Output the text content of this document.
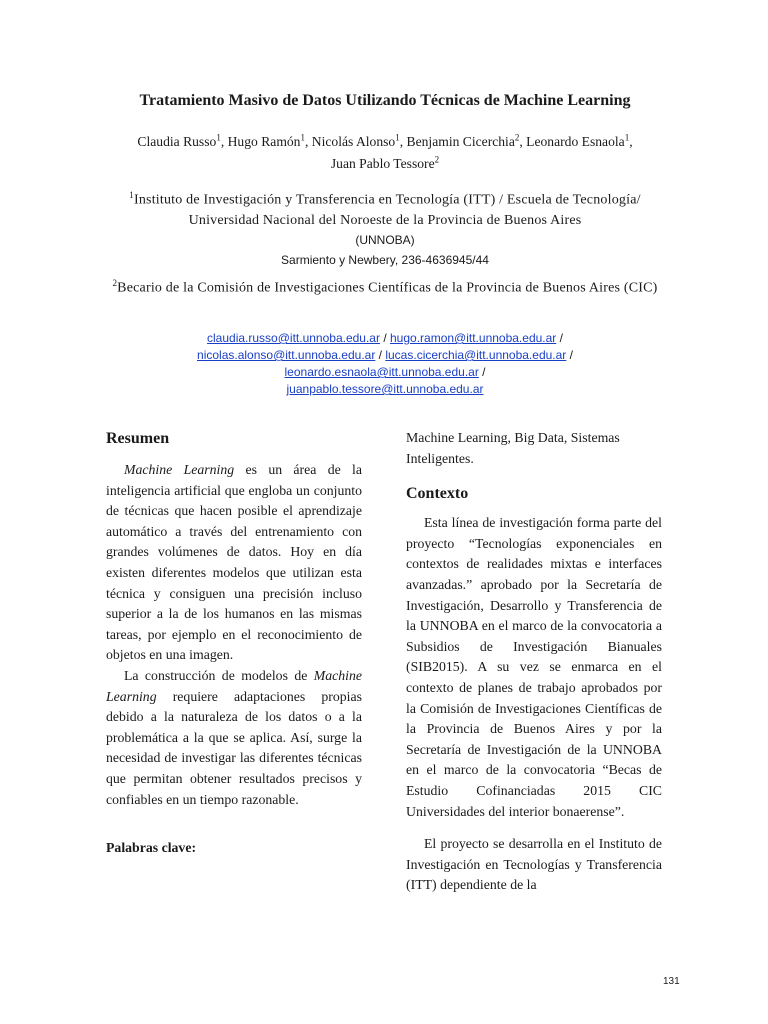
Tratamiento Masivo de Datos Utilizando Técnicas de Machine Learning
Claudia Russo$^1$, Hugo Ramón$^1$, Nicolás Alonso$^1$, Benjamin Cicerchia$^2$, Leonardo Esnaola$^1$,
Juan Pablo Tessore$^2$
$^1$Instituto de Investigación y Transferencia en Tecnología (ITT) / Escuela de Tecnología/ Universidad Nacional del Noroeste de la Provincia de Buenos Aires
(UNNOBA)
Sarmiento y Newbery, 236-4636945/44
$^2$Becario de la Comisión de Investigaciones Científicas de la Provincia de Buenos Aires (CIC)
claudia.russo@itt.unnoba.edu.ar / hugo.ramon@itt.unnoba.edu.ar /
nicolas.alonso@itt.unnoba.edu.ar / lucas.cicerchia@itt.unnoba.edu.ar /
leonardo.esnaola@itt.unnoba.edu.ar /
juanpablo.tessore@itt.unnoba.edu.ar
Resumen

Machine Learning es un área de la inteligencia artificial que engloba un conjunto de técnicas que hacen posible el aprendizaje automático a través del entrenamiento con grandes volúmenes de datos. Hoy en día existen diferentes modelos que utilizan esta técnica y consiguen una precisión incluso superior a la de los humanos en las mismas tareas, por ejemplo en el reconocimiento de objetos en una imagen.

La construcción de modelos de Machine Learning requiere adaptaciones propias debido a la naturaleza de los datos o a la problemática a la que se aplica. Así, surge la necesidad de investigar las diferentes técnicas que permitan obtener resultados precisos y confiables en un tiempo razonable.

Palabras clave:

Machine Learning, Big Data, Sistemas Inteligentes.

Contexto

Esta línea de investigación forma parte del proyecto “Tecnologías exponenciales en contextos de realidades mixtas e interfaces avanzadas.” aprobado por la Secretaría de Investigación, Desarrollo y Transferencia de la UNNOBA en el marco de la convocatoria a Subsidios de Investigación Bianuales (SIB2015). A su vez se enmarca en el contexto de planes de trabajo aprobados por la Comisión de Investigaciones Científicas de la Provincia de Buenos Aires y por la Secretaría de Investigación de la UNNOBA en el marco de la convocatoria “Becas de Estudio Cofinanciadas 2015 CIC Universidades del interior bonaerense”.

El proyecto se desarrolla en el Instituto de Investigación en Tecnologías y Transferencia (ITT) dependiente de la

131
